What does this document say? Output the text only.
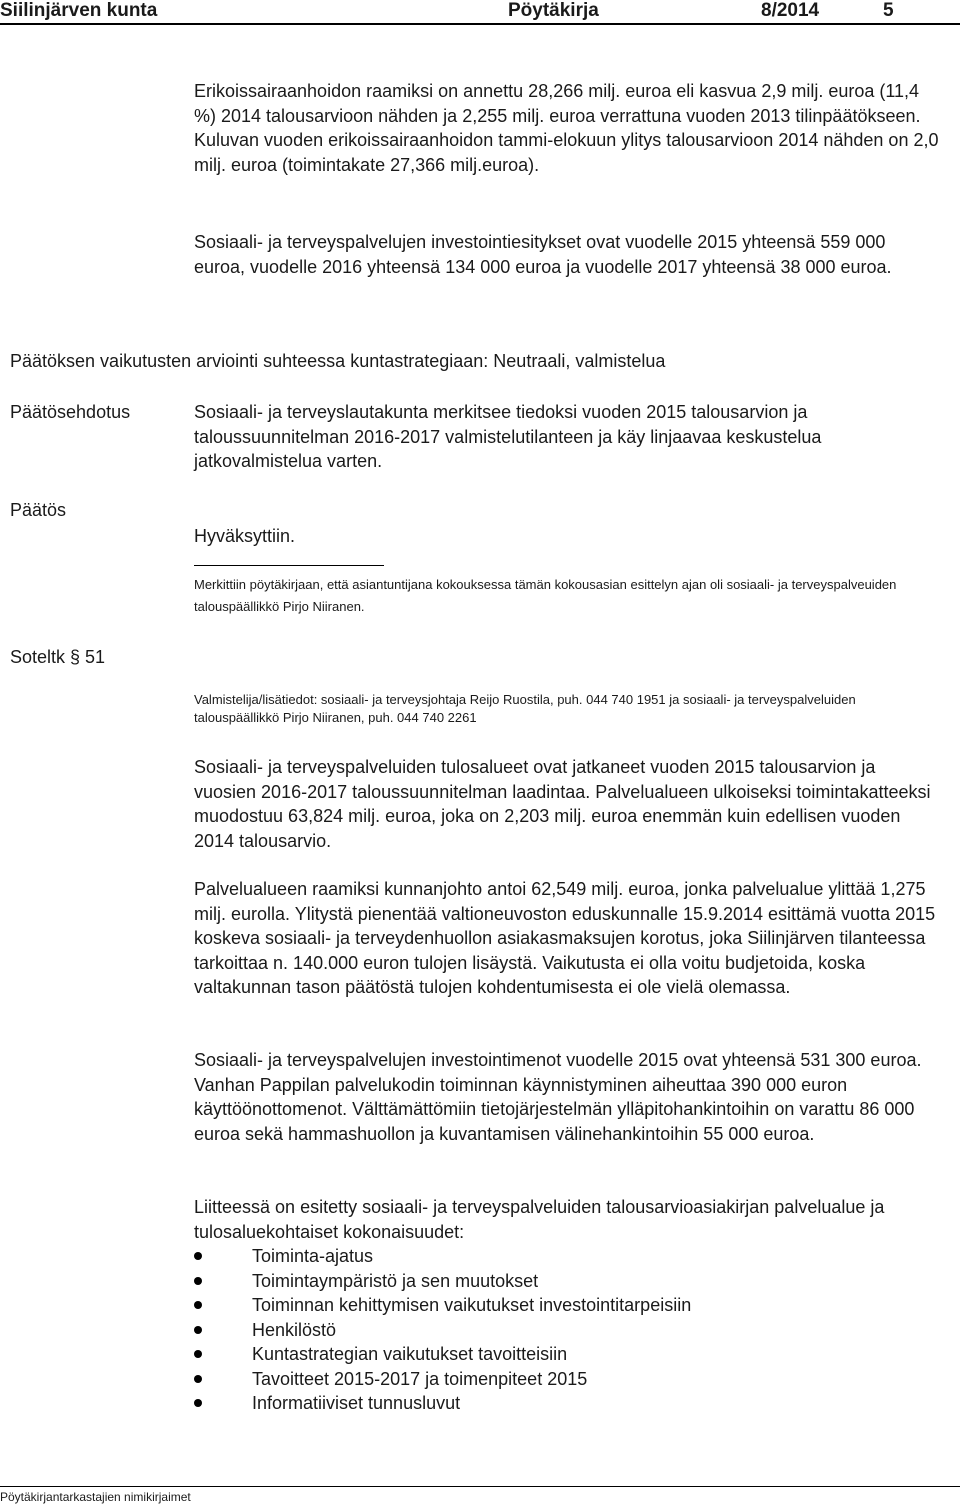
Siilinjärven kunta	Pöytäkirja	8/2014	5

Erikoissairaanhoidon raamiksi on annettu 28,266 milj. euroa eli kasvua 2,9 milj. euroa (11,4 %) 2014 talousarvioon nähden ja 2,255 milj. euroa verrattuna vuoden 2013 tilinpäätökseen. Kuluvan vuoden erikoissairaanhoidon tammi-elokuun ylitys talousarvioon 2014 nähden on 2,0 milj. euroa (toimintakate 27,366 milj.euroa).

Sosiaali- ja terveyspalvelujen investointiesitykset ovat vuodelle 2015 yhteensä 559 000 euroa, vuodelle 2016 yhteensä 134 000 euroa ja vuodelle 2017 yhteensä 38 000 euroa.

Päätöksen vaikutusten arviointi suhteessa kuntastrategiaan: Neutraali, valmistelua
Päätösehdotus	Sosiaali- ja terveyslautakunta merkitsee tiedoksi vuoden 2015 talousarvion ja taloussuunnitelman 2016-2017 valmistelutilanteen ja käy linjaavaa keskustelua jatkovalmistelua varten.

Päätös

Hyväksyttiin.

Merkittiin pöytäkirjaan, että asiantuntijana kokouksessa tämän kokousasian esittelyn ajan oli sosiaali- ja terveyspalveuiden talouspäällikkö Pirjo Niiranen.

Soteltk § 51

Valmistelija/lisätiedot: sosiaali- ja terveysjohtaja Reijo Ruostila, puh. 044 740 1951 ja sosiaali- ja terveyspalveluiden talouspäällikkö Pirjo Niiranen, puh. 044 740 2261

Sosiaali- ja terveyspalveluiden tulosalueet ovat jatkaneet vuoden 2015 talousarvion ja vuosien 2016-2017 taloussuunnitelman laadintaa. Palvelualueen ulkoiseksi toimintakatteeksi muodostuu 63,824 milj. euroa, joka on 2,203 milj. euroa enemmän kuin edellisen vuoden 2014 talousarvio.

Palvelualueen raamiksi kunnanjohto antoi 62,549 milj. euroa, jonka palvelualue ylittää 1,275 milj. eurolla. Ylitystä pienentää valtioneuvoston eduskunnalle 15.9.2014 esittämä vuotta 2015 koskeva sosiaali- ja terveydenhuollon asiakasmaksujen korotus, joka Siilinjärven tilanteessa tarkoittaa n. 140.000 euron tulojen lisäystä. Vaikutusta ei olla voitu budjetoida, koska valtakunnan tason päätöstä tulojen kohdentumisesta ei ole vielä olemassa.

Sosiaali- ja terveyspalvelujen investointimenot vuodelle 2015 ovat yhteensä 531 300 euroa. Vanhan Pappilan palvelukodin toiminnan käynnistyminen aiheuttaa 390 000 euron käyttöönottomenot. Välttämättömiin tietojärjestelmän ylläpitohankintoihin on varattu 86 000 euroa sekä hammashuollon ja kuvantamisen välinehankintoihin 55 000 euroa.

Liitteessä on esitetty sosiaali- ja terveyspalveluiden talousarvioasiakirjan palvelualue ja tulosaluekohtaiset kokonaisuudet:

Toiminta-ajatus
Toimintaympäristö ja sen muutokset
Toiminnan kehittymisen vaikutukset investointitarpeisiin
Henkilöstö
Kuntastrategian vaikutukset tavoitteisiin
Tavoitteet 2015-2017 ja toimenpiteet 2015
Informatiiviset tunnusluvut
Pöytäkirjantarkastajien nimikirjaimet
